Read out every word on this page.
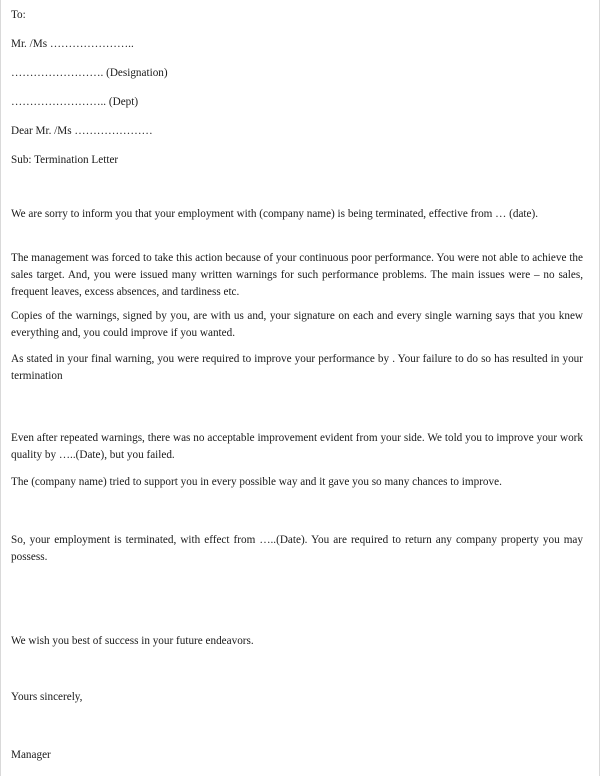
To:
Mr. /Ms …………………..
……………………. (Designation)
…………………….. (Dept)
Dear Mr. /Ms …………………
Sub: Termination Letter
We are sorry to inform you that your employment with (company name) is being terminated, effective from … (date).
The management was forced to take this action because of your continuous poor performance. You were not able to achieve the sales target. And, you were issued many written warnings for such performance problems. The main issues were – no sales, frequent leaves, excess absences, and tardiness etc.
Copies of the warnings, signed by you, are with us and, your signature on each and every single warning says that you knew everything and, you could improve if you wanted.
As stated in your final warning, you were required to improve your performance by . Your failure to do so has resulted in your termination
Even after repeated warnings, there was no acceptable improvement evident from your side. We told you to improve your work quality by …..(Date), but you failed.
The (company name) tried to support you in every possible way and it gave you so many chances to improve.
So, your employment is terminated, with effect from …..(Date). You are required to return any company property you may possess.
We wish you best of success in your future endeavors.
Yours sincerely,
Manager
